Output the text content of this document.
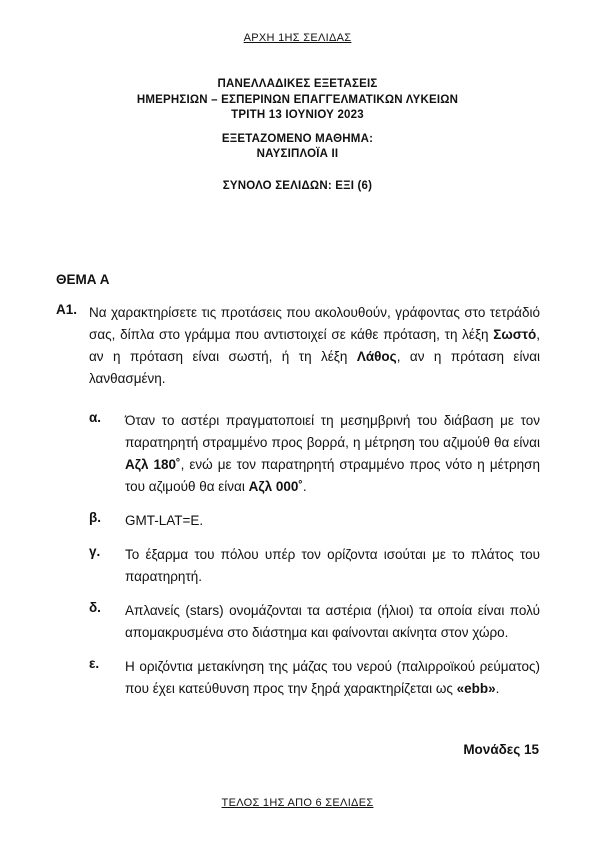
ΑΡΧΗ 1ΗΣ ΣΕΛΙΔΑΣ
ΠΑΝΕΛΛΑΔΙΚΕΣ ΕΞΕΤΑΣΕΙΣ
ΗΜΕΡΗΣΙΩΝ – ΕΣΠΕΡΙΝΩΝ ΕΠΑΓΓΕΛΜΑΤΙΚΩΝ ΛΥΚΕΙΩΝ
ΤΡΙΤΗ 13 ΙΟΥΝΙΟΥ 2023
ΕΞΕΤΑΖΟΜΕΝΟ ΜΑΘΗΜΑ:
ΝΑΥΣΙΠΛΟΪΑ ΙΙ
ΣΥΝΟΛΟ ΣΕΛΙΔΩΝ: ΕΞΙ (6)
ΘΕΜΑ Α
Α1. Να χαρακτηρίσετε τις προτάσεις που ακολουθούν, γράφοντας στο τετράδιό σας, δίπλα στο γράμμα που αντιστοιχεί σε κάθε πρόταση, τη λέξη Σωστό, αν η πρόταση είναι σωστή, ή τη λέξη Λάθος, αν η πρόταση είναι λανθασμένη.
α. Όταν το αστέρι πραγματοποιεί τη μεσημβρινή του διάβαση με τον παρατηρητή στραμμένο προς βορρά, η μέτρηση του αζιμούθ θα είναι Αζλ 180˚, ενώ με τον παρατηρητή στραμμένο προς νότο η μέτρηση του αζιμούθ θα είναι Αζλ 000˚.
β. GMT-LAT=E.
γ. Το έξαρμα του πόλου υπέρ τον ορίζοντα ισούται με το πλάτος του παρατηρητή.
δ. Απλανείς (stars) ονομάζονται τα αστέρια (ήλιοι) τα οποία είναι πολύ απομακρυσμένα στο διάστημα και φαίνονται ακίνητα στον χώρο.
ε. Η οριζόντια μετακίνηση της μάζας του νερού (παλιρροϊκού ρεύματος) που έχει κατεύθυνση προς την ξηρά χαρακτηρίζεται ως «ebb».
Μονάδες 15
ΤΕΛΟΣ 1ΗΣ ΑΠΟ 6 ΣΕΛΙΔΕΣ
